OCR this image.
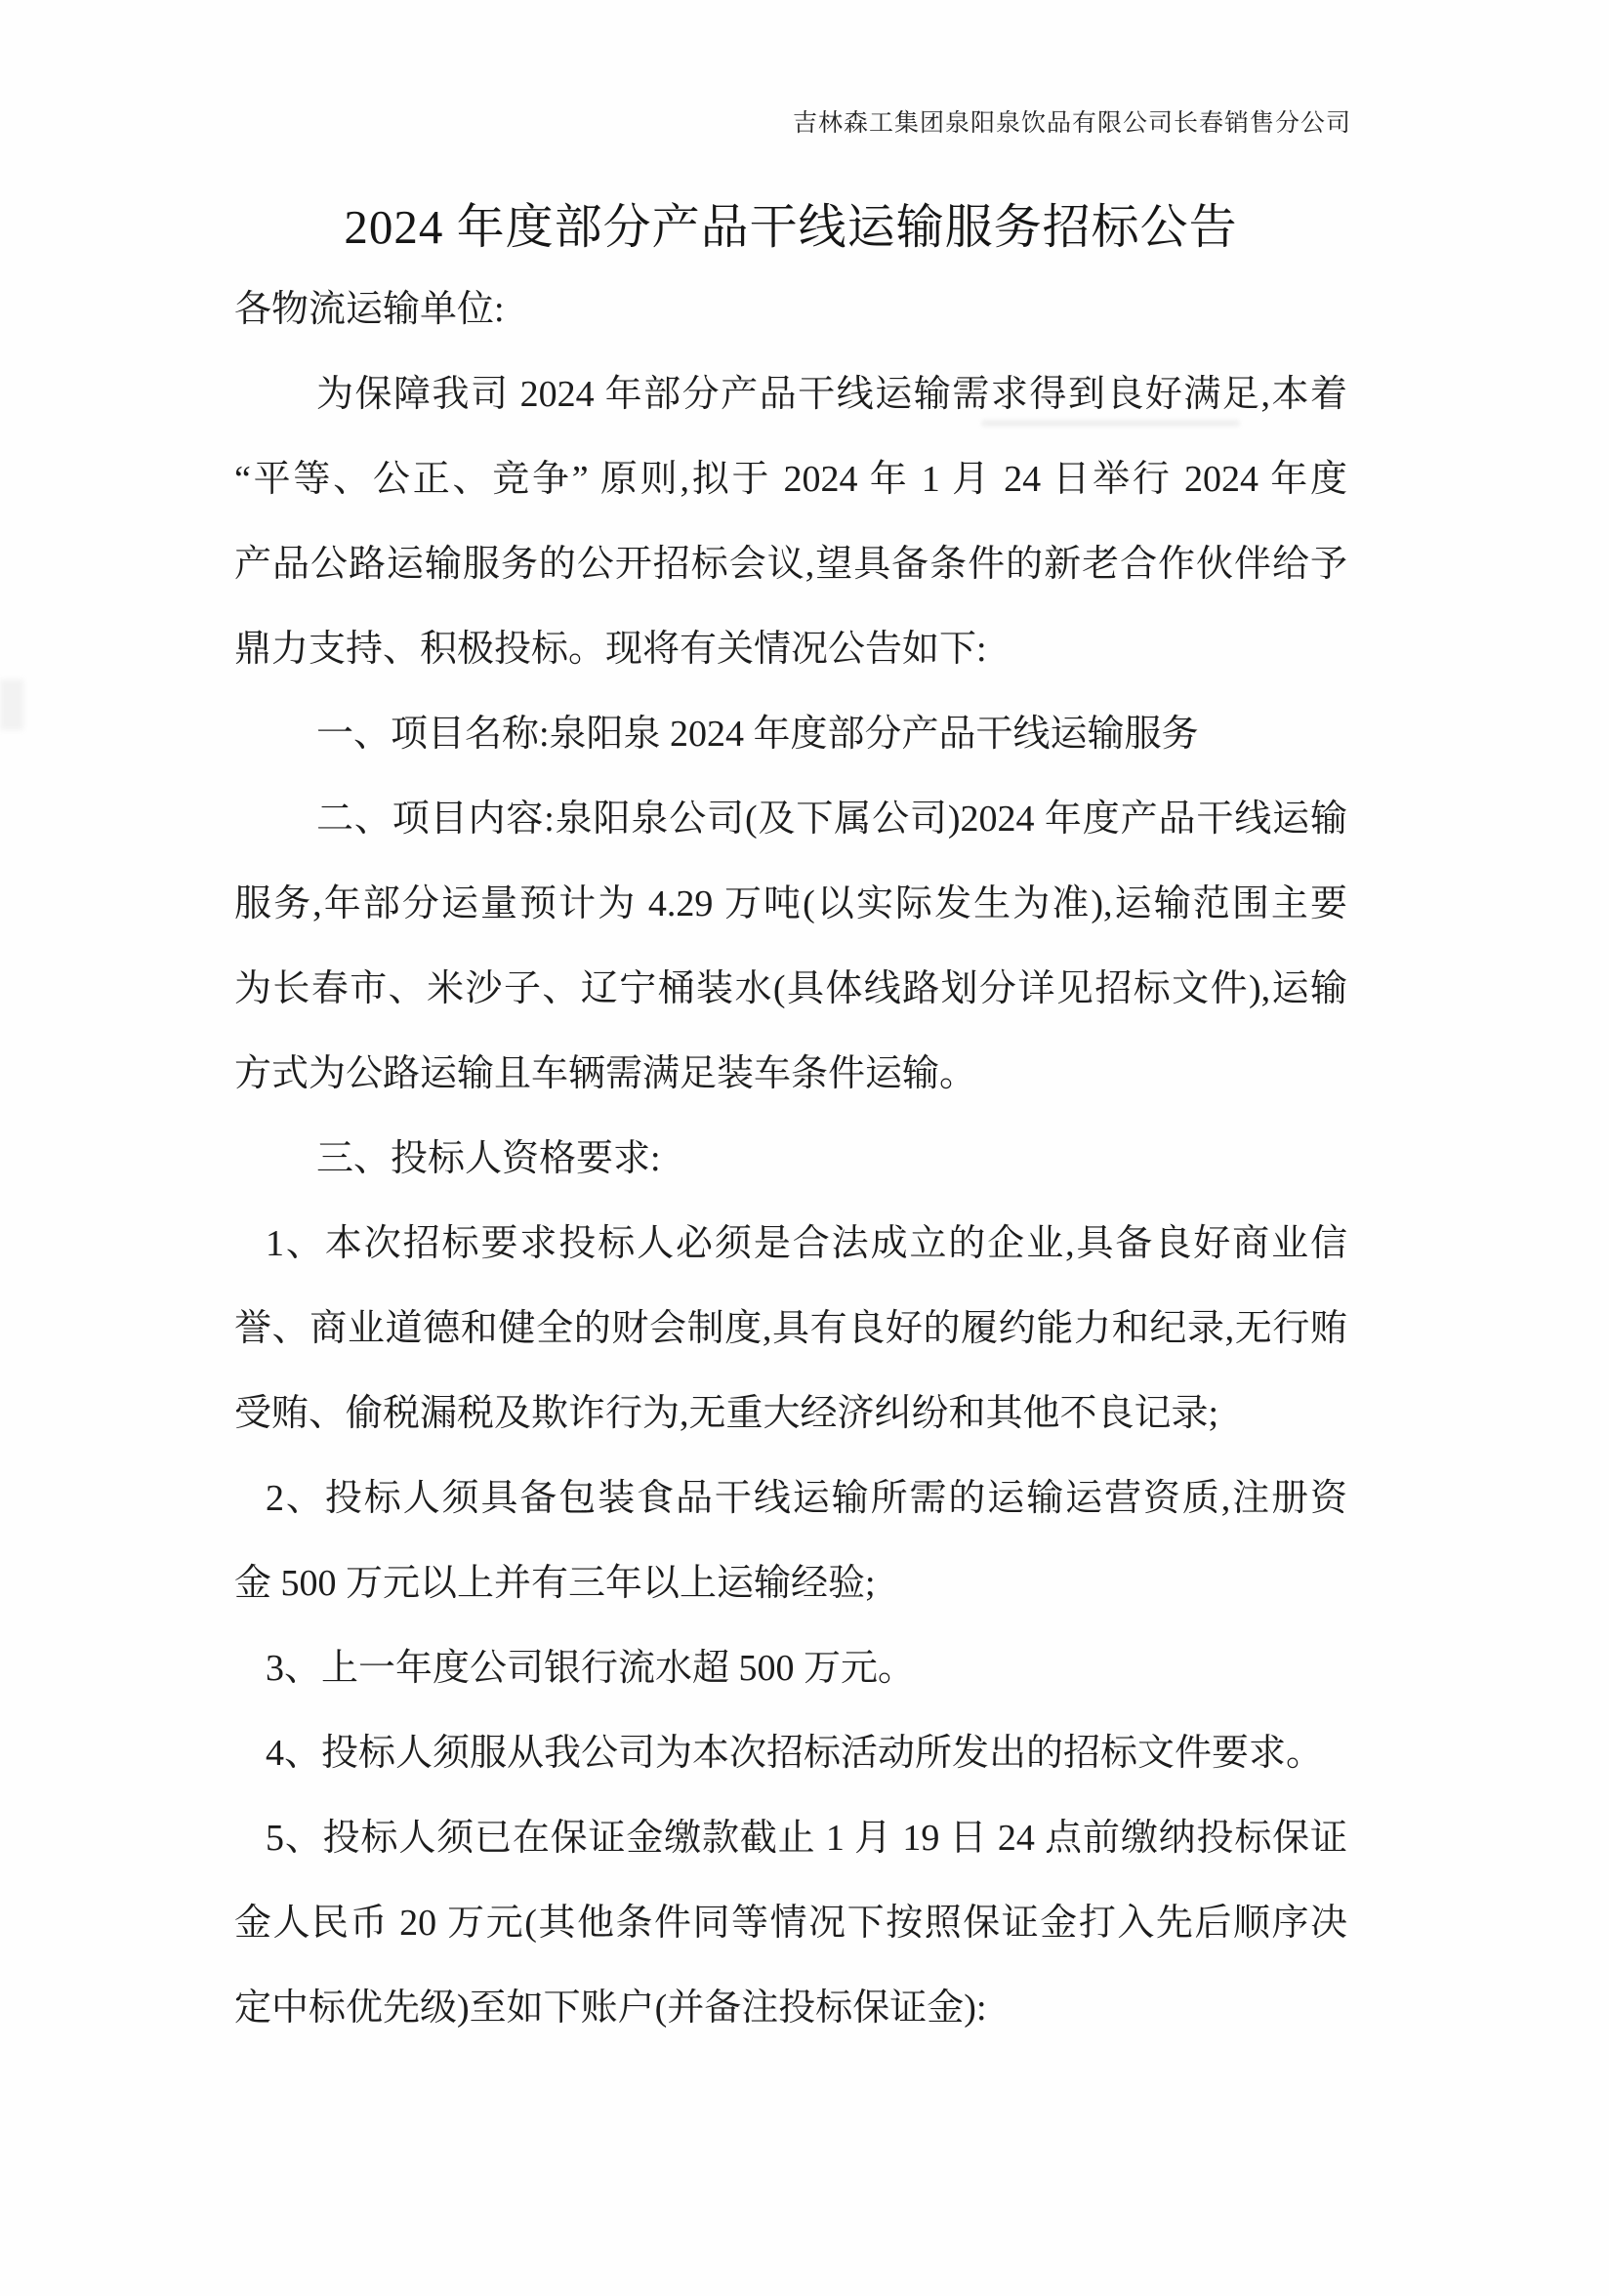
吉林森工集团泉阳泉饮品有限公司长春销售分公司
2024 年度部分产品干线运输服务招标公告
各物流运输单位:
为保障我司 2024 年部分产品干线运输需求得到良好满足,本着
“平等、公正、竞争” 原则,拟于 2024 年 1 月 24 日举行 2024 年度
产品公路运输服务的公开招标会议,望具备条件的新老合作伙伴给予
鼎力支持、积极投标。现将有关情况公告如下:
一、项目名称:泉阳泉 2024 年度部分产品干线运输服务
二、项目内容:泉阳泉公司(及下属公司)2024 年度产品干线运输
服务,年部分运量预计为 4.29 万吨(以实际发生为准),运输范围主要
为长春市、米沙子、辽宁桶装水(具体线路划分详见招标文件),运输
方式为公路运输且车辆需满足装车条件运输。
三、投标人资格要求:
1、本次招标要求投标人必须是合法成立的企业,具备良好商业信
誉、商业道德和健全的财会制度,具有良好的履约能力和纪录,无行贿
受贿、偷税漏税及欺诈行为,无重大经济纠纷和其他不良记录;
2、投标人须具备包装食品干线运输所需的运输运营资质,注册资
金 500 万元以上并有三年以上运输经验;
3、上一年度公司银行流水超 500 万元。
4、投标人须服从我公司为本次招标活动所发出的招标文件要求。
5、投标人须已在保证金缴款截止 1 月 19 日 24 点前缴纳投标保证
金人民币 20 万元(其他条件同等情况下按照保证金打入先后顺序决
定中标优先级)至如下账户(并备注投标保证金):
